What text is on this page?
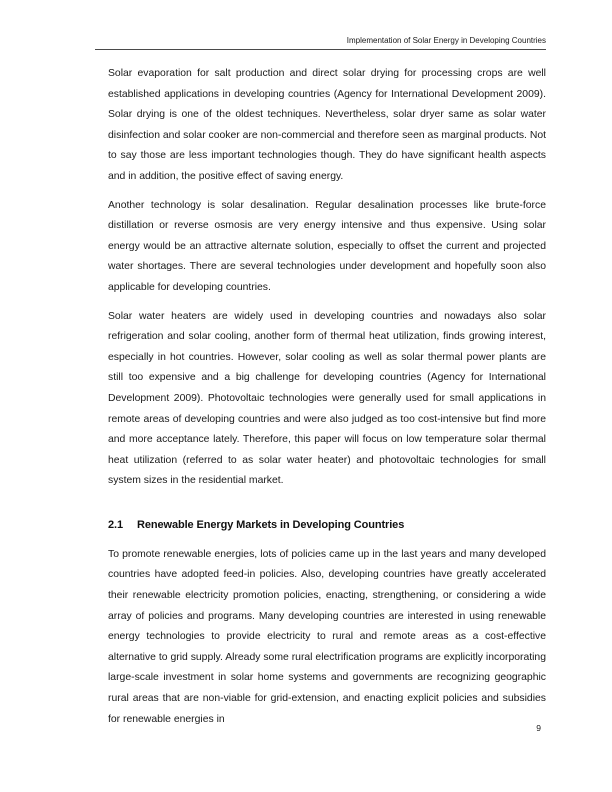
Implementation of Solar Energy in Developing Countries

Solar evaporation for salt production and direct solar drying for processing crops are well established applications in developing countries (Agency for International Development 2009). Solar drying is one of the oldest techniques. Nevertheless, solar dryer same as solar water disinfection and solar cooker are non-commercial and therefore seen as marginal products. Not to say those are less important technologies though. They do have significant health aspects and in addition, the positive effect of saving energy.

Another technology is solar desalination. Regular desalination processes like brute-force distillation or reverse osmosis are very energy intensive and thus expensive. Using solar energy would be an attractive alternate solution, especially to offset the current and projected water shortages. There are several technologies under development and hopefully soon also applicable for developing countries.

Solar water heaters are widely used in developing countries and nowadays also solar refrigeration and solar cooling, another form of thermal heat utilization, finds growing interest, especially in hot countries. However, solar cooling as well as solar thermal power plants are still too expensive and a big challenge for developing countries (Agency for International Development 2009). Photovoltaic technologies were generally used for small applications in remote areas of developing countries and were also judged as too cost-intensive but find more and more acceptance lately. Therefore, this paper will focus on low temperature solar thermal heat utilization (referred to as solar water heater) and photovoltaic technologies for small system sizes in the residential market.

2.1	Renewable Energy Markets in Developing Countries

To promote renewable energies, lots of policies came up in the last years and many developed countries have adopted feed-in policies. Also, developing countries have greatly accelerated their renewable electricity promotion policies, enacting, strengthening, or considering a wide array of policies and programs. Many developing countries are interested in using renewable energy technologies to provide electricity to rural and remote areas as a cost-effective alternative to grid supply. Already some rural electrification programs are explicitly incorporating large-scale investment in solar home systems and governments are recognizing geographic rural areas that are non-viable for grid-extension, and enacting explicit policies and subsidies for renewable energies in

9
